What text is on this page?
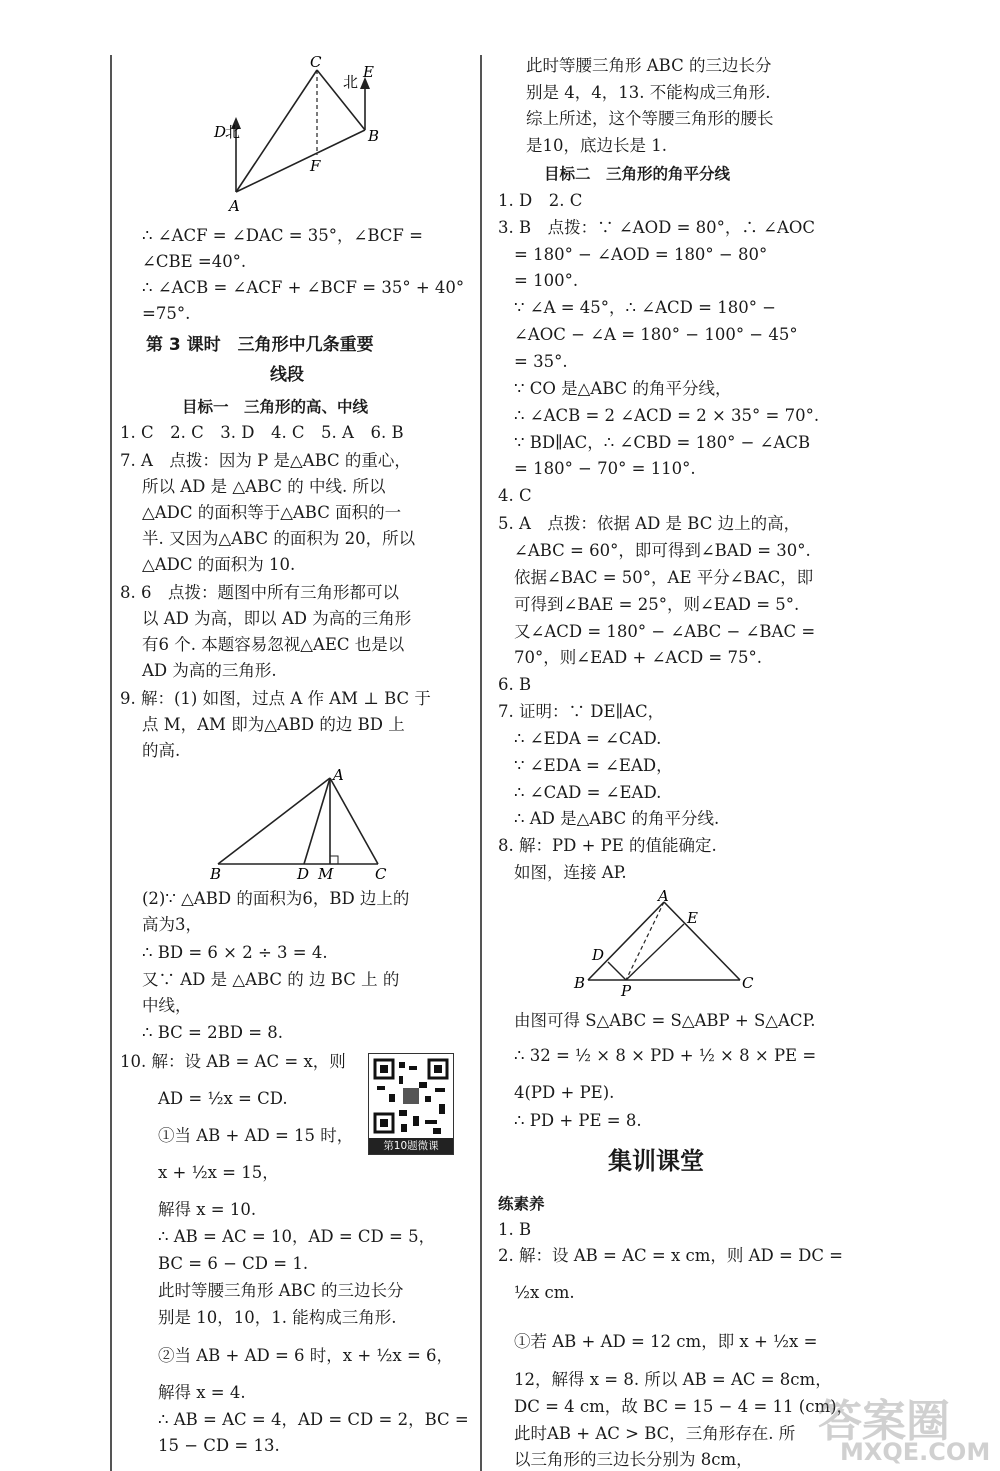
C
北
E
D
北	B
F
A
∴ ∠ACF = ∠DAC = 35°，∠BCF =
∠CBE =40°.
∴ ∠ACB = ∠ACF + ∠BCF = 35° + 40°
=75°.
第 3 课时　三角形中几条重要
线段
目标一　三角形的高、中线
1. C　2. C　3. D　4. C　5. A　6. B
7. A　点拨：因为 P 是△ABC 的重心，
所以 AD 是 △ABC 的 中线. 所以
△ADC 的面积等于△ABC 面积的一
半. 又因为△ABC 的面积为 20，所以
△ADC 的面积为 10.
8. 6　点拨：题图中所有三角形都可以
以 AD 为高，即以 AD 为高的三角形
有6 个. 本题容易忽视△AEC 也是以
AD 为高的三角形.
9. 解：(1) 如图，过点 A 作 AM ⊥ BC 于
点 M，AM 即为△ABD 的边 BD 上
的高.
A
B	D M	C
(2)∵ △ABD 的面积为6，BD 边上的
高为3，
∴ BD = 6 × 2 ÷ 3 = 4.
又∵ AD 是 △ABC 的 边 BC 上 的
中线，
∴ BC = 2BD = 8.
10. 解：设 AB = AC = x，则
AD = ½x = CD.
①当 AB + AD = 15 时，
x + ½x = 15，
解得 x = 10.
∴ AB = AC = 10，AD = CD = 5，
BC = 6 − CD = 1.
此时等腰三角形 ABC 的三边长分
别是 10，10，1. 能构成三角形.
②当 AB + AD = 6 时，x + ½x = 6，
解得 x = 4.
∴ AB = AC = 4，AD = CD = 2，BC =
15 − CD = 13.
第10题微课
此时等腰三角形 ABC 的三边长分
别是 4，4，13. 不能构成三角形.
综上所述，这个等腰三角形的腰长
是10，底边长是 1.
目标二　三角形的角平分线
1. D　2. C
3. B　点拨：∵ ∠AOD = 80°，∴ ∠AOC
= 180° − ∠AOD = 180° − 80°
= 100°.
∵ ∠A = 45°，∴ ∠ACD = 180° −
∠AOC − ∠A = 180° − 100° − 45°
= 35°.
∵ CO 是△ABC 的角平分线，
∴ ∠ACB = 2 ∠ACD = 2 × 35° = 70°.
∵ BD∥AC，∴ ∠CBD = 180° − ∠ACB
= 180° − 70° = 110°.
4. C
5. A　点拨：依据 AD 是 BC 边上的高，
∠ABC = 60°，即可得到∠BAD = 30°.
依据∠BAC = 50°，AE 平分∠BAC，即
可得到∠BAE = 25°，则∠EAD = 5°.
又∠ACD = 180° − ∠ABC − ∠BAC =
70°，则∠EAD + ∠ACD = 75°.
6. B
7. 证明：∵ DE∥AC，
∴ ∠EDA = ∠CAD.
∵ ∠EDA = ∠EAD，
∴ ∠CAD = ∠EAD.
∴ AD 是△ABC 的角平分线.
8. 解：PD + PE 的值能确定.
如图，连接 AP.
A
E
D
B P	C
由图可得 S△ABC = S△ABP + S△ACP.
∴ 32 = ½ × 8 × PD + ½ × 8 × PE =
4(PD + PE).
∴ PD + PE = 8.
集训课堂
练素养
1. B
2. 解：设 AB = AC = x cm，则 AD = DC =
½x cm.
①若 AB + AD = 12 cm，即 x + ½x =
12，解得 x = 8. 所以 AB = AC = 8cm，
DC = 4 cm，故 BC = 15 − 4 = 11 (cm)，
此时AB + AC > BC，三角形存在. 所
以三角形的三边长分别为 8cm，
答案圈
MXQE.COM
